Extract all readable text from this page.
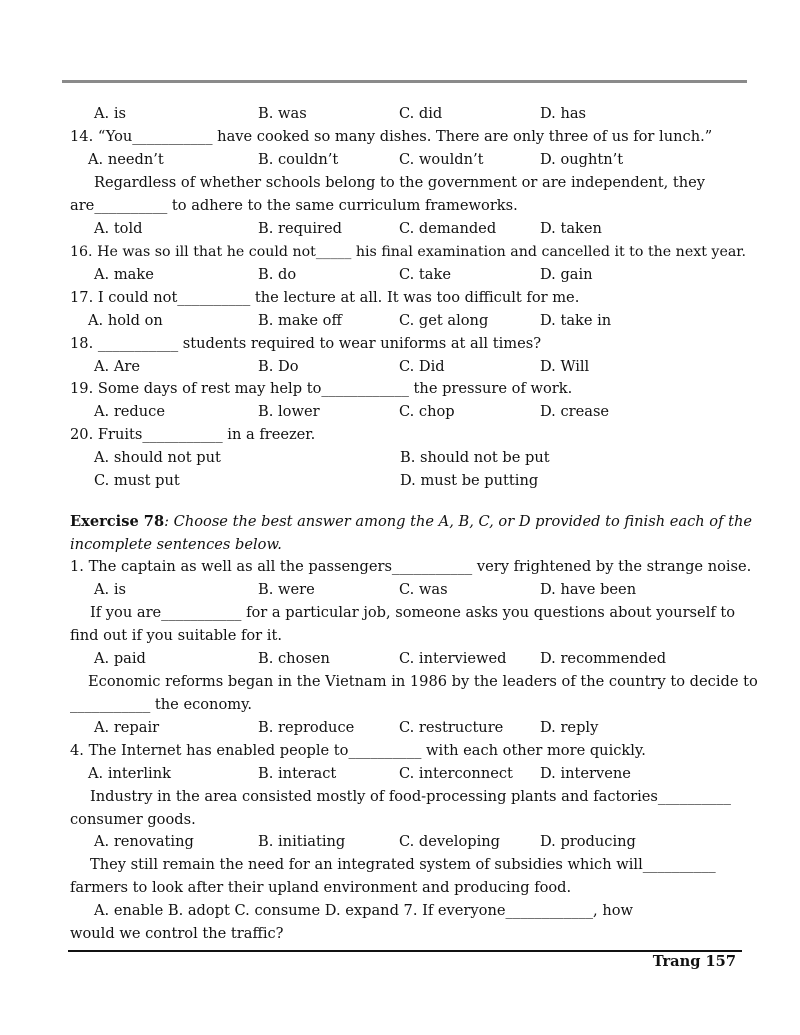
A. is	B. was	C. did	D. has
14. “You___________ have cooked so many dishes. There are only three of us for lunch.”
A. needn’t	B. couldn’t	C. wouldn’t	D. oughtn’t
Regardless of whether schools belong to the government or are independent, they
are__________ to adhere to the same curriculum frameworks.
A. told	B. required	C. demanded	D. taken
16. He was so ill that he could not_____ his final examination and cancelled it to the next year.
A. make	B. do	C. take	D. gain
17. I could not__________ the lecture at all. It was too difficult for me.
A. hold on	B. make off	C. get along	D. take in
18. ___________ students required to wear uniforms at all times?
A. Are	B. Do	C. Did	D. Will
19. Some days of rest may help to____________ the pressure of work.
A. reduce	B. lower	C. chop	D. crease
20. Fruits___________ in a freezer.
A. should not put	B. should not be put
C. must put	D. must be putting
Exercise 78: Choose the best answer among the A, B, C, or D provided to finish each of the
incomplete sentences below.
1. The captain as well as all the passengers___________ very frightened by the strange noise.
A. is	B. were	C. was	D. have been
If you are___________ for a particular job, someone asks you questions about yourself to
find out if you suitable for it.
A. paid	B. chosen	C. interviewed D. recommended
Economic reforms began in the Vietnam in 1986 by the leaders of the country to decide to
___________ the economy.
A. repair	B. reproduce	C. restructure	D. reply
4. The Internet has enabled people to__________ with each other more quickly.
A. interlink	B. interact	C. interconnect D. intervene
Industry in the area consisted mostly of food-processing plants and factories__________
consumer goods.
A. renovating	B. initiating	C. developing	D. producing
They still remain the need for an integrated system of subsidies which will__________
farmers to look after their upland environment and producing food.
A. enable B. adopt C. consume D. expand 7. If everyone____________, how
would we control the traffic?
Trang 157
